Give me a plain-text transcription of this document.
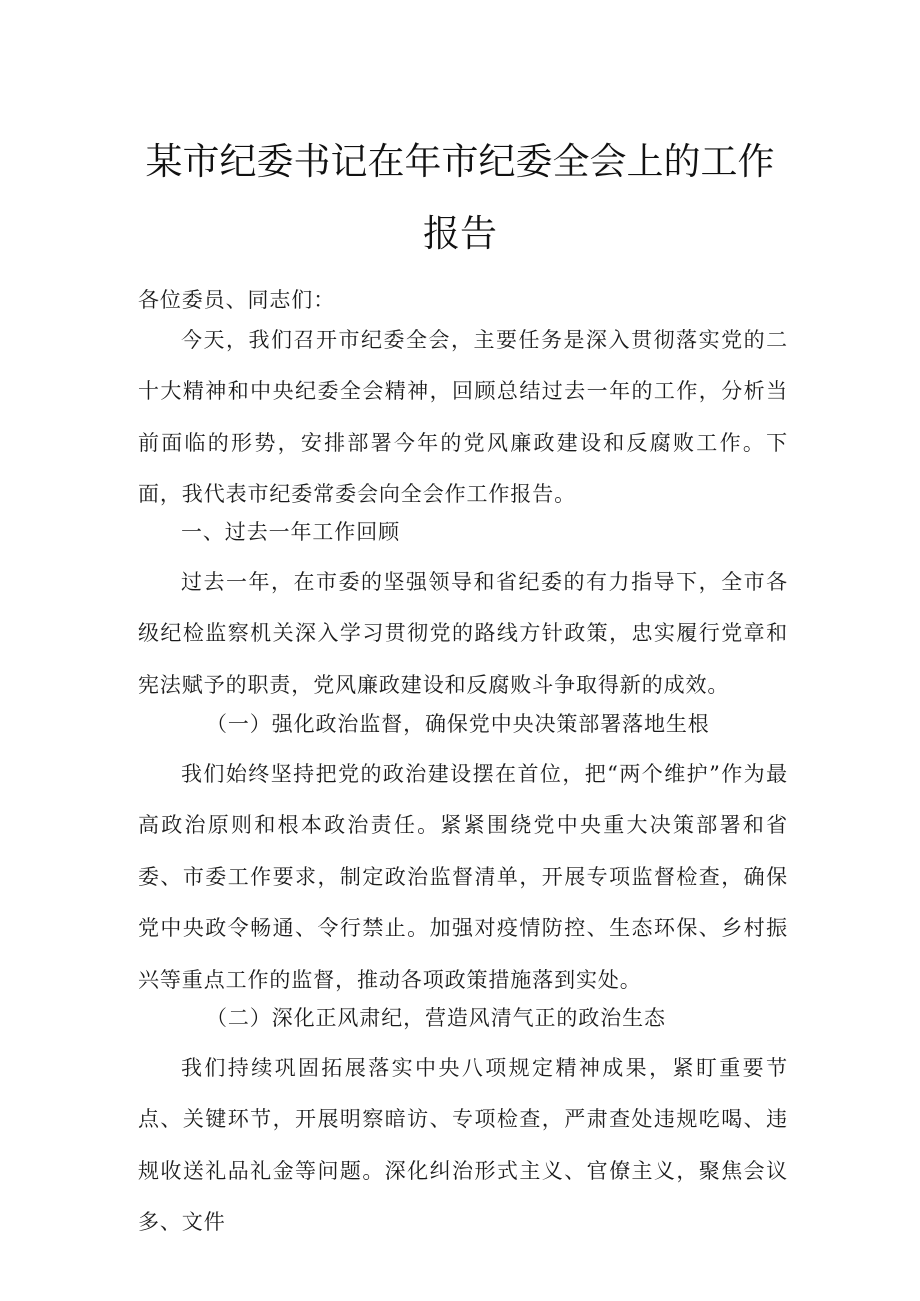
某市纪委书记在年市纪委全会上的工作
报告

各位委员、同志们：

今天，我们召开市纪委全会，主要任务是深入贯彻落实党的二十大精神和中央纪委全会精神，回顾总结过去一年的工作，分析当前面临的形势，安排部署今年的党风廉政建设和反腐败工作。下面，我代表市纪委常委会向全会作工作报告。

一、过去一年工作回顾

过去一年，在市委的坚强领导和省纪委的有力指导下，全市各级纪检监察机关深入学习贯彻党的路线方针政策，忠实履行党章和宪法赋予的职责，党风廉政建设和反腐败斗争取得新的成效。

（一）强化政治监督，确保党中央决策部署落地生根

我们始终坚持把党的政治建设摆在首位，把“两个维护”作为最高政治原则和根本政治责任。紧紧围绕党中央重大决策部署和省委、市委工作要求，制定政治监督清单，开展专项监督检查，确保党中央政令畅通、令行禁止。加强对疫情防控、生态环保、乡村振兴等重点工作的监督，推动各项政策措施落到实处。

（二）深化正风肃纪，营造风清气正的政治生态

我们持续巩固拓展落实中央八项规定精神成果，紧盯重要节点、关键环节，开展明察暗访、专项检查，严肃查处违规吃喝、违规收送礼品礼金等问题。深化纠治形式主义、官僚主义，聚焦会议多、文件
